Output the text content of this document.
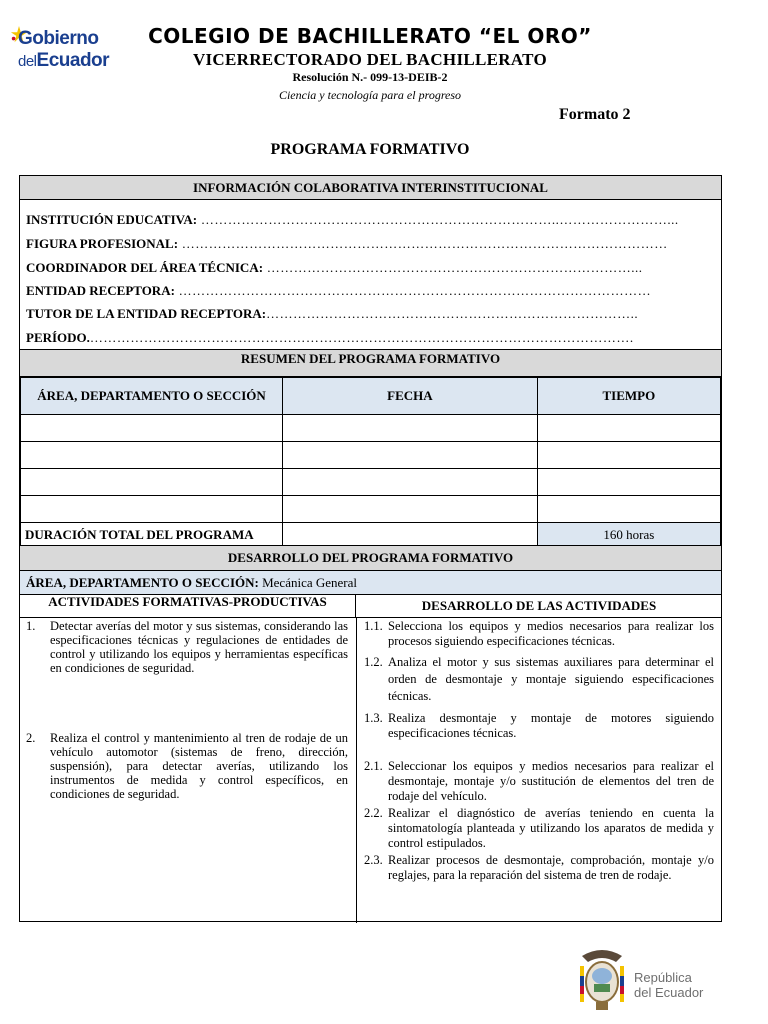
Gobierno
delEcuador
COLEGIO DE BACHILLERATO “EL ORO”
VICERRECTORADO DEL BACHILLERATO
Resolución N.- 099-13-DEIB-2
Ciencia y tecnología para el progreso
Formato 2
PROGRAMA FORMATIVO
INFORMACIÓN COLABORATIVA INTERINSTITUCIONAL
INSTITUCIÓN EDUCATIVA: ……………………………………………………………………..……………………...
FIGURA PROFESIONAL: ………………………………………………………………………………………………
COORDINADOR DEL ÁREA TÉCNICA: ………………………………………………………………………...
ENTIDAD RECEPTORA: ……………………………………………………………………………………………
TUTOR DE LA ENTIDAD RECEPTORA:………………………………………………………………………..
PERÍODO.………………………………………………………………………………………………………….
RESUMEN DEL PROGRAMA FORMATIVO
ÁREA, DEPARTAMENTO O SECCIÓN	FECHA	TIEMPO

DURACIÓN TOTAL DEL PROGRAMA		160 horas
DESARROLLO DEL PROGRAMA FORMATIVO
ÁREA, DEPARTAMENTO O SECCIÓN: Mecánica General
ACTIVIDADES FORMATIVAS-PRODUCTIVAS	DESARROLLO DE LAS ACTIVIDADES
1.	Detectar averías del motor y sus sistemas, considerando las especificaciones técnicas y regulaciones de entidades de control y utilizando los equipos y herramientas específicas en condiciones de seguridad.
2.	Realiza el control y mantenimiento al tren de rodaje de un vehículo automotor (sistemas de freno, dirección, suspensión), para detectar averías, utilizando los instrumentos de medida y control específicos, en condiciones de seguridad.
1.1. Selecciona los equipos y medios necesarios para realizar los procesos siguiendo especificaciones técnicas.
1.2. Analiza el motor y sus sistemas auxiliares para determinar el orden de desmontaje y montaje siguiendo especificaciones técnicas.
1.3. Realiza desmontaje y montaje de motores siguiendo especificaciones técnicas.
2.1. Seleccionar los equipos y medios necesarios para realizar el desmontaje, montaje y/o sustitución de elementos del tren de rodaje del vehículo.
2.2. Realizar el diagnóstico de averías teniendo en cuenta la sintomatología planteada y utilizando los aparatos de medida y control estipulados.
2.3. Realizar procesos de desmontaje, comprobación, montaje y/o reglajes, para la reparación del sistema de tren de rodaje.
República
del Ecuador
